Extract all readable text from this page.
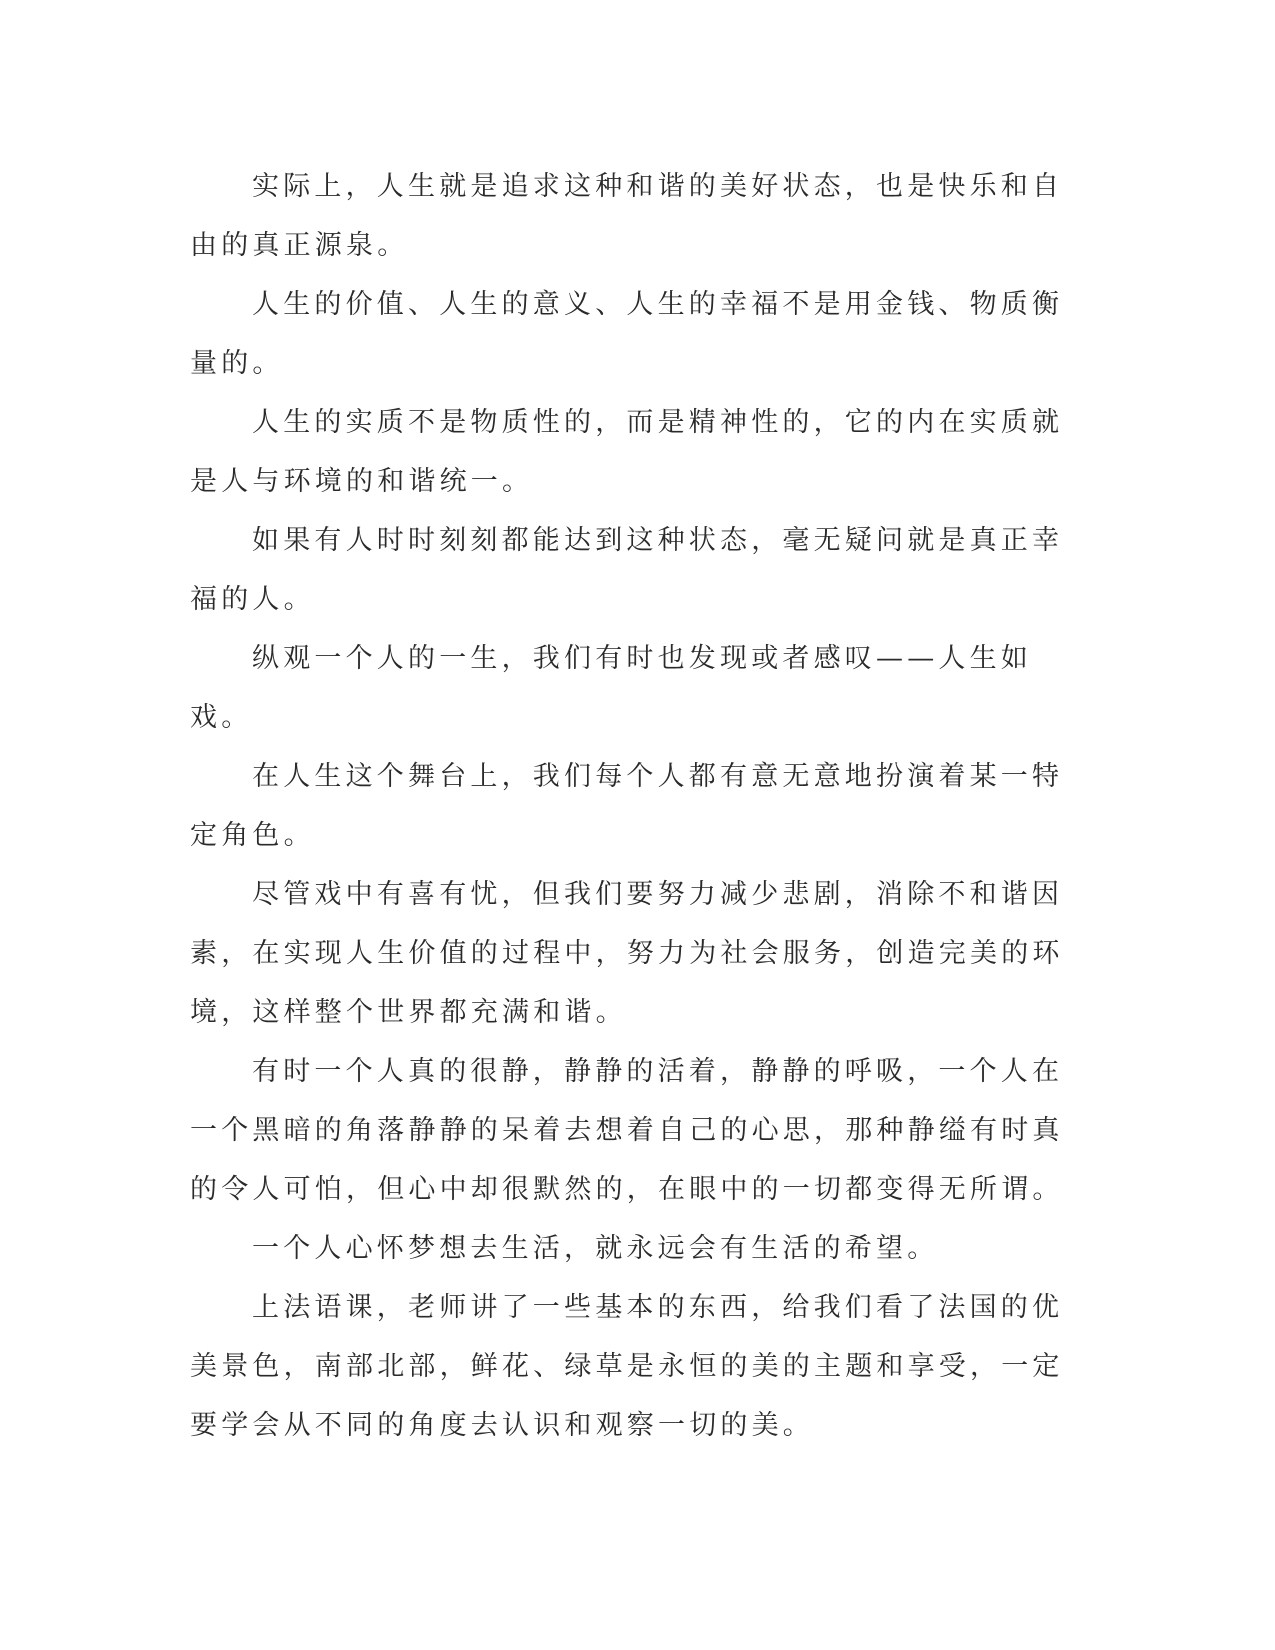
实际上，人生就是追求这种和谐的美好状态，也是快乐和自由的真正源泉。

人生的价值、人生的意义、人生的幸福不是用金钱、物质衡量的。

人生的实质不是物质性的，而是精神性的，它的内在实质就是人与环境的和谐统一。

如果有人时时刻刻都能达到这种状态，毫无疑问就是真正幸福的人。

纵观一个人的一生，我们有时也发现或者感叹——人生如戏。

在人生这个舞台上，我们每个人都有意无意地扮演着某一特定角色。

尽管戏中有喜有忧，但我们要努力减少悲剧，消除不和谐因素，在实现人生价值的过程中，努力为社会服务，创造完美的环境，这样整个世界都充满和谐。

有时一个人真的很静，静静的活着，静静的呼吸，一个人在一个黑暗的角落静静的呆着去想着自己的心思，那种静缢有时真的令人可怕，但心中却很默然的，在眼中的一切都变得无所谓。

一个人心怀梦想去生活，就永远会有生活的希望。

上法语课，老师讲了一些基本的东西，给我们看了法国的优美景色，南部北部，鲜花、绿草是永恒的美的主题和享受，一定要学会从不同的角度去认识和观察一切的美。
